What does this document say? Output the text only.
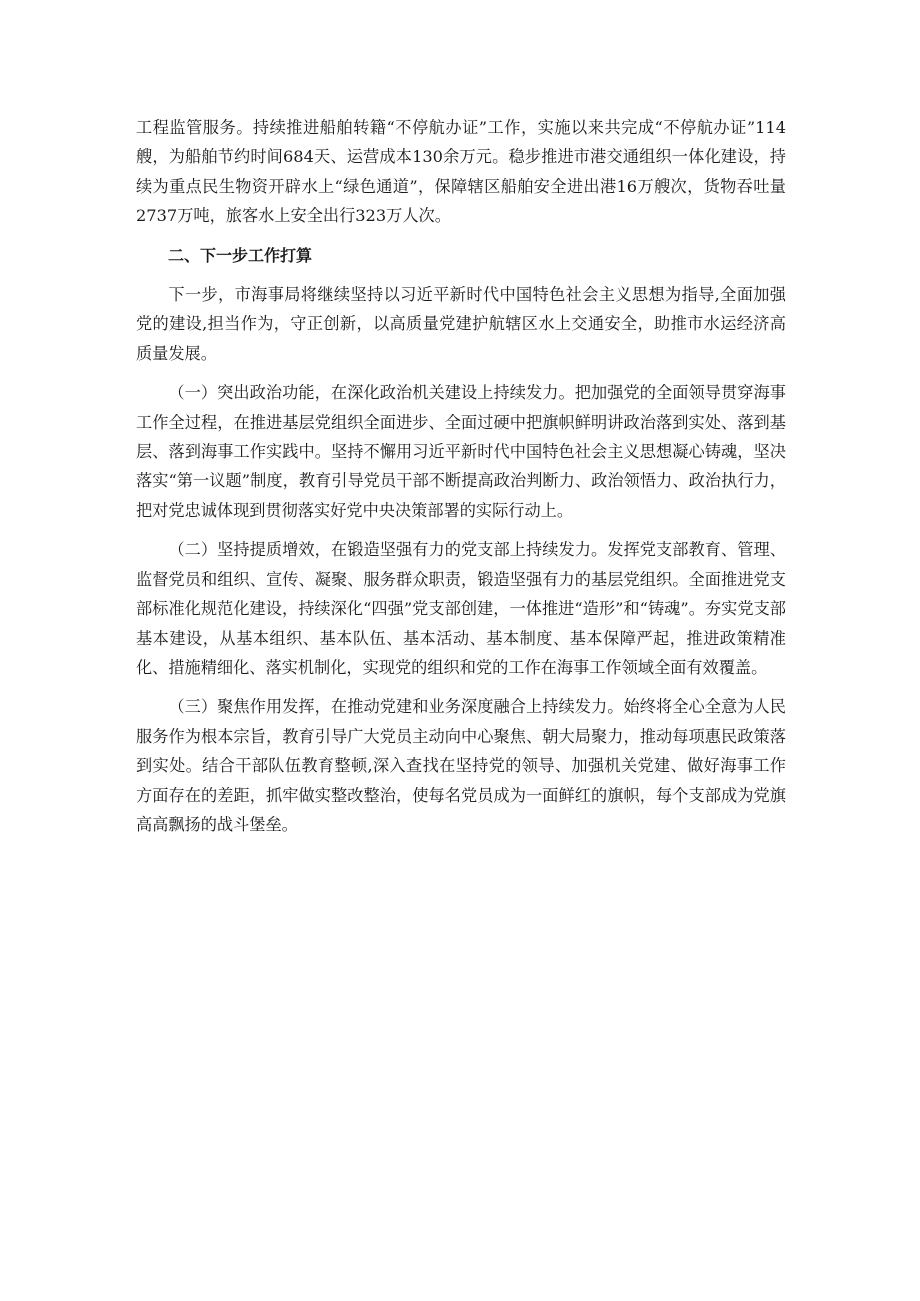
工程监管服务。持续推进船舶转籍“不停航办证”工作，实施以来共完成“不停航办证”114艘，为船舶节约时间684天、运营成本130余万元。稳步推进市港交通组织一体化建设，持续为重点民生物资开辟水上“绿色通道”，保障辖区船舶安全进出港16万艘次，货物吞吐量2737万吨，旅客水上安全出行323万人次。

二、下一步工作打算

下一步，市海事局将继续坚持以习近平新时代中国特色社会主义思想为指导,全面加强党的建设,担当作为，守正创新，以高质量党建护航辖区水上交通安全，助推市水运经济高质量发展。

（一）突出政治功能，在深化政治机关建设上持续发力。把加强党的全面领导贯穿海事工作全过程，在推进基层党组织全面进步、全面过硬中把旗帜鲜明讲政治落到实处、落到基层、落到海事工作实践中。坚持不懈用习近平新时代中国特色社会主义思想凝心铸魂，坚决落实“第一议题”制度，教育引导党员干部不断提高政治判断力、政治领悟力、政治执行力，把对党忠诚体现到贯彻落实好党中央决策部署的实际行动上。

（二）坚持提质增效，在锻造坚强有力的党支部上持续发力。发挥党支部教育、管理、监督党员和组织、宣传、凝聚、服务群众职责，锻造坚强有力的基层党组织。全面推进党支部标准化规范化建设，持续深化“四强”党支部创建，一体推进“造形”和“铸魂”。夯实党支部基本建设，从基本组织、基本队伍、基本活动、基本制度、基本保障严起，推进政策精准化、措施精细化、落实机制化，实现党的组织和党的工作在海事工作领域全面有效覆盖。

（三）聚焦作用发挥，在推动党建和业务深度融合上持续发力。始终将全心全意为人民服务作为根本宗旨，教育引导广大党员主动向中心聚焦、朝大局聚力，推动每项惠民政策落到实处。结合干部队伍教育整顿,深入查找在坚持党的领导、加强机关党建、做好海事工作方面存在的差距，抓牢做实整改整治，使每名党员成为一面鲜红的旗帜，每个支部成为党旗高高飘扬的战斗堡垒。
